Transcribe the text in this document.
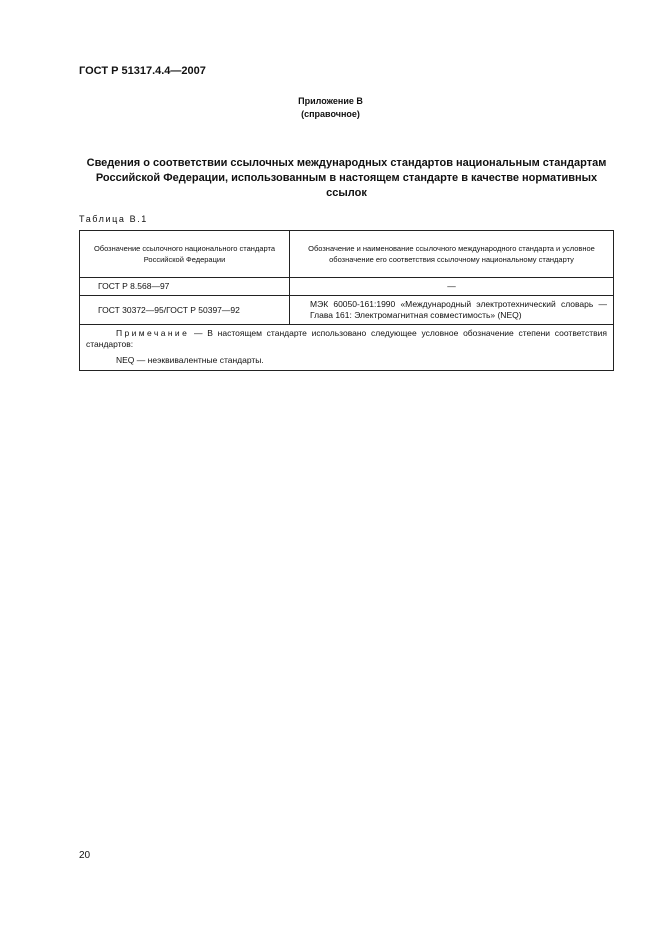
ГОСТ Р 51317.4.4—2007
Приложение В
(справочное)
Сведения о соответствии ссылочных международных стандартов национальным стандартам Российской Федерации, использованным в настоящем стандарте в качестве нормативных ссылок
Таблица В.1
Обозначение ссылочного национального стандарта Российской Федерации	Обозначение и наименование ссылочного международного стандарта и условное обозначение его соответствия ссылочному национальному стандарту
ГОСТ Р 8.568—97	—
ГОСТ 30372—95/ГОСТ Р 50397—92	МЭК 60050-161:1990 «Международный электротехнический словарь — Глава 161: Электромагнитная совместимость» (NEQ)

Примечание — В настоящем стандарте использовано следующее условное обозначение степени соответствия стандартов:
NEQ — неэквивалентные стандарты.	
20
